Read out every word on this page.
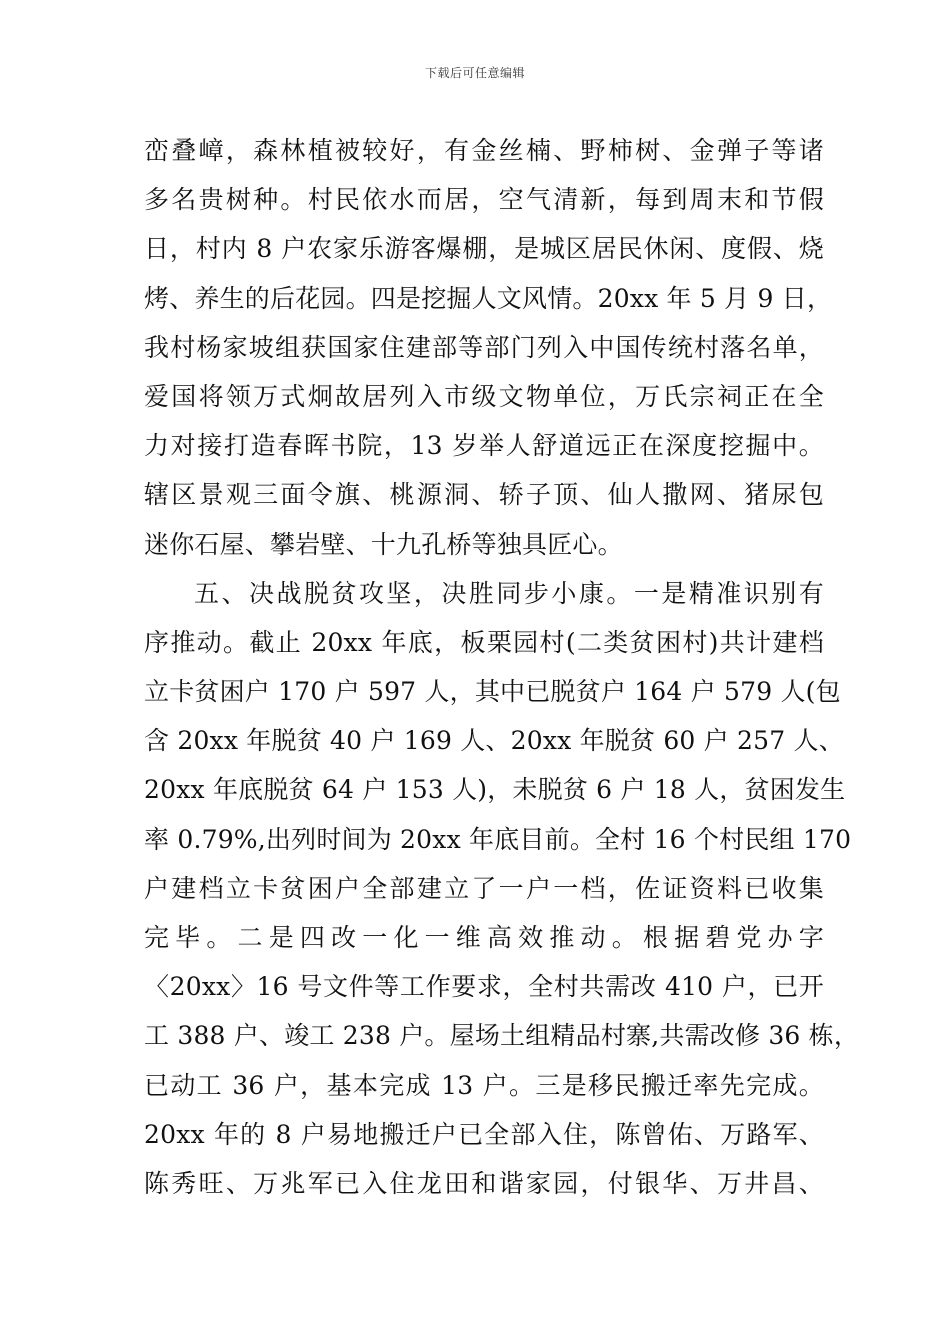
下载后可任意编辑
峦叠嶂，森林植被较好，有金丝楠、野柿树、金弹子等诸
多名贵树种。村民依水而居，空气清新，每到周末和节假
日，村内 8 户农家乐游客爆棚，是城区居民休闲、度假、烧
烤、养生的后花园。四是挖掘人文风情。20xx 年 5 月 9 日，
我村杨家坡组获国家住建部等部门列入中国传统村落名单，
爱国将领万式炯故居列入市级文物单位，万氏宗祠正在全
力对接打造春晖书院，13 岁举人舒道远正在深度挖掘中。
辖区景观三面令旗、桃源洞、轿子顶、仙人撒网、猪尿包
迷你石屋、攀岩壁、十九孔桥等独具匠心。
五、决战脱贫攻坚，决胜同步小康。一是精准识别有
序推动。截止 20xx 年底，板栗园村(二类贫困村)共计建档
立卡贫困户 170 户 597 人，其中已脱贫户 164 户 579 人(包
含 20xx 年脱贫 40 户 169 人、20xx 年脱贫 60 户 257 人、
20xx 年底脱贫 64 户 153 人)，未脱贫 6 户 18 人，贫困发生
率 0.79%,出列时间为 20xx 年底目前。全村 16 个村民组 170
户建档立卡贫困户全部建立了一户一档，佐证资料已收集
完毕。二是四改一化一维高效推动。根据碧党办字
〈20xx〉16 号文件等工作要求，全村共需改 410 户，已开
工 388 户、竣工 238 户。屋场土组精品村寨,共需改修 36 栋，
已动工 36 户，基本完成 13 户。三是移民搬迁率先完成。
20xx 年的 8 户易地搬迁户已全部入住，陈曾佑、万路军、
陈秀旺、万兆军已入住龙田和谐家园，付银华、万井昌、
